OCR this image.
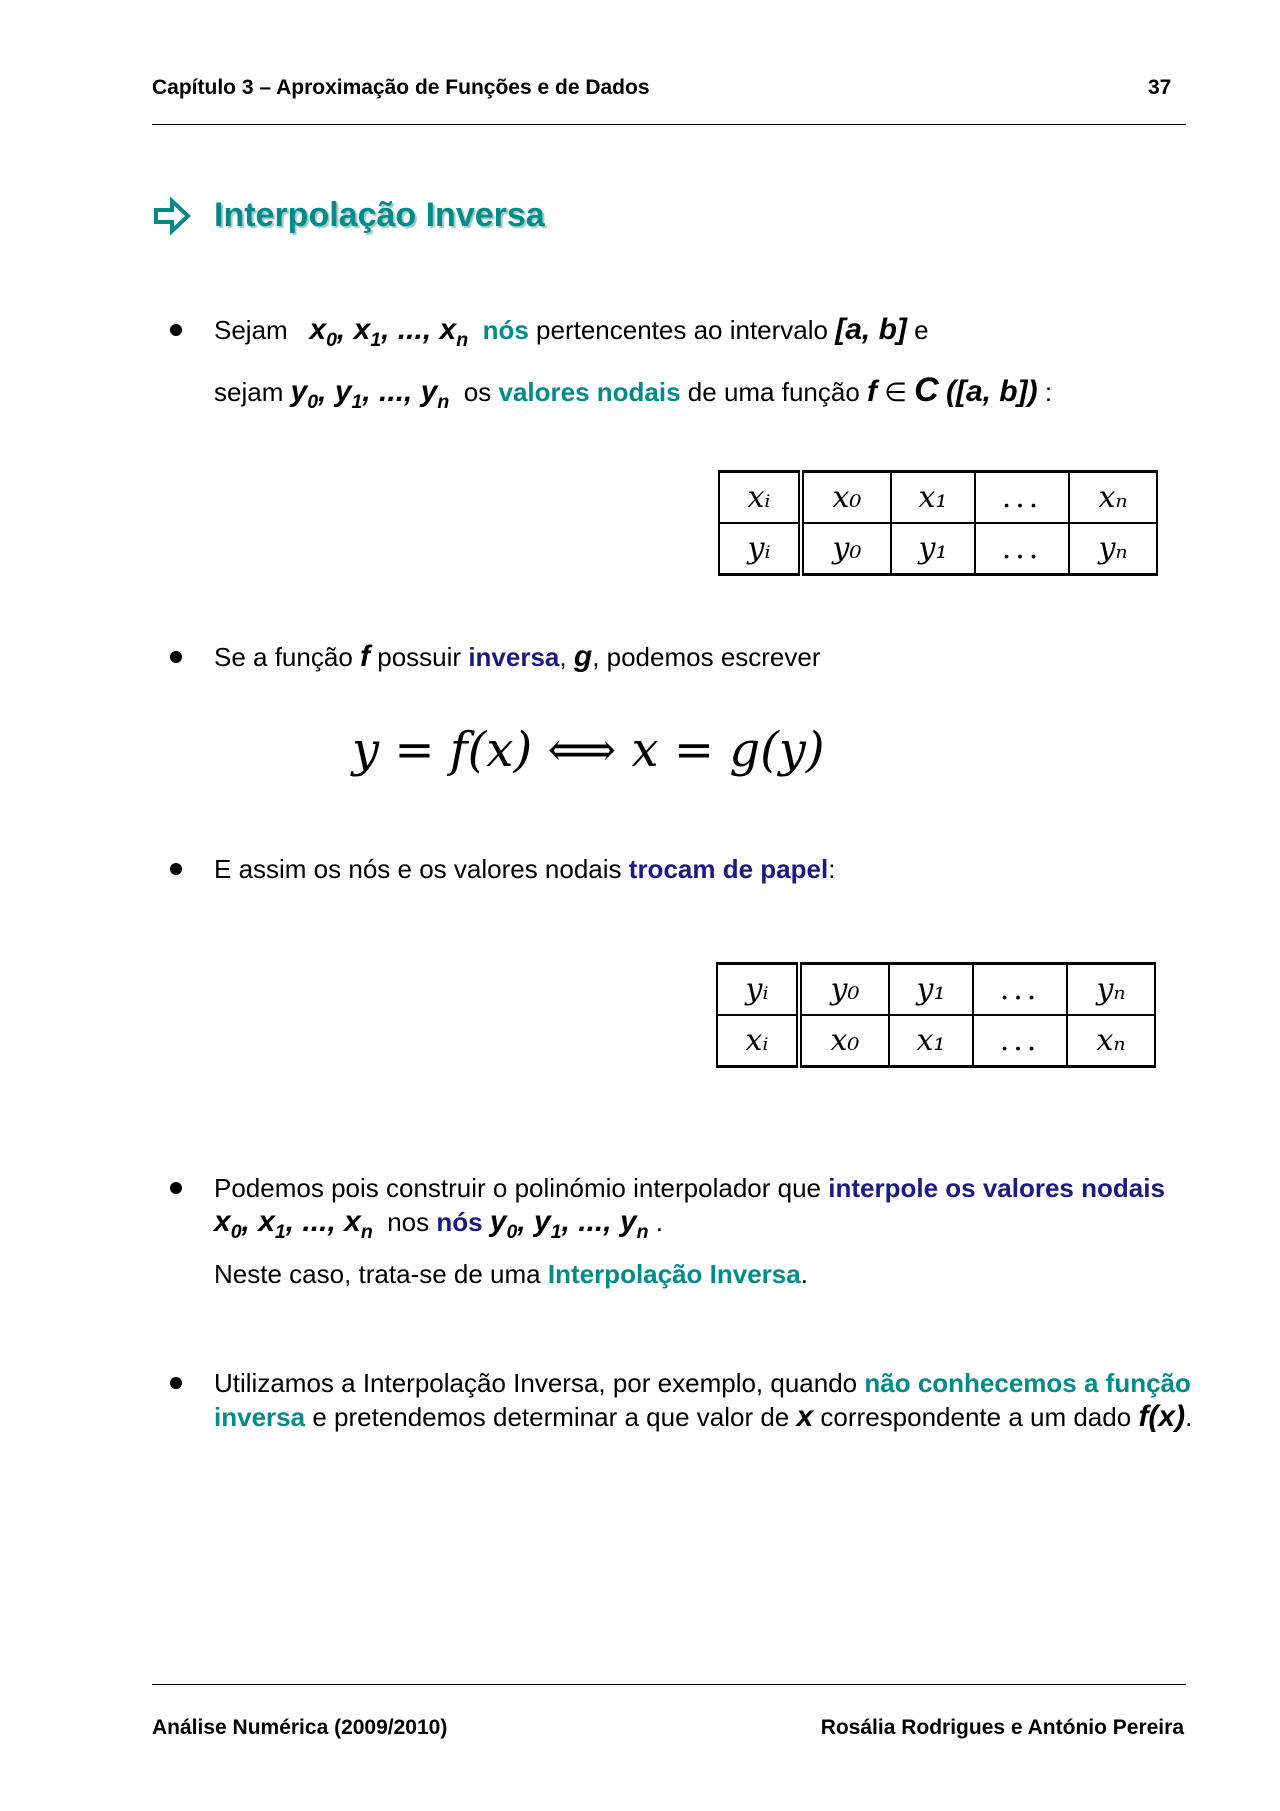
Capítulo 3 – Aproximação de Funções e de Dados	37
Interpolação Inversa
Sejam $x_0$, $x_1$, ..., $x_n$ nós pertencentes ao intervalo [a, b] e
sejam $y_0$, $y_1$, ..., $y_n$ os valores nodais de uma função f ∈ C ([a, b]) :
xᵢ	x₀	x₁	...	xₙ
yᵢ	y₀	y₁	...	yₙ
Se a função f possuir inversa, g, podemos escrever
y = f(x) ⟺ x = g(y)
E assim os nós e os valores nodais trocam de papel:
yᵢ	y₀	y₁	...	yₙ
xᵢ	x₀	x₁	...	xₙ
Podemos pois construir o polinómio interpolador que interpole os valores nodais
$x_0$, $x_1$, ..., $x_n$ nos nós $y_0$, $y_1$, ..., $y_n$ .
Neste caso, trata-se de uma Interpolação Inversa.
Utilizamos a Interpolação Inversa, por exemplo, quando não conhecemos a função
inversa e pretendemos determinar a que valor de x correspondente a um dado f(x).
Análise Numérica (2009/2010)	Rosália Rodrigues e António Pereira
